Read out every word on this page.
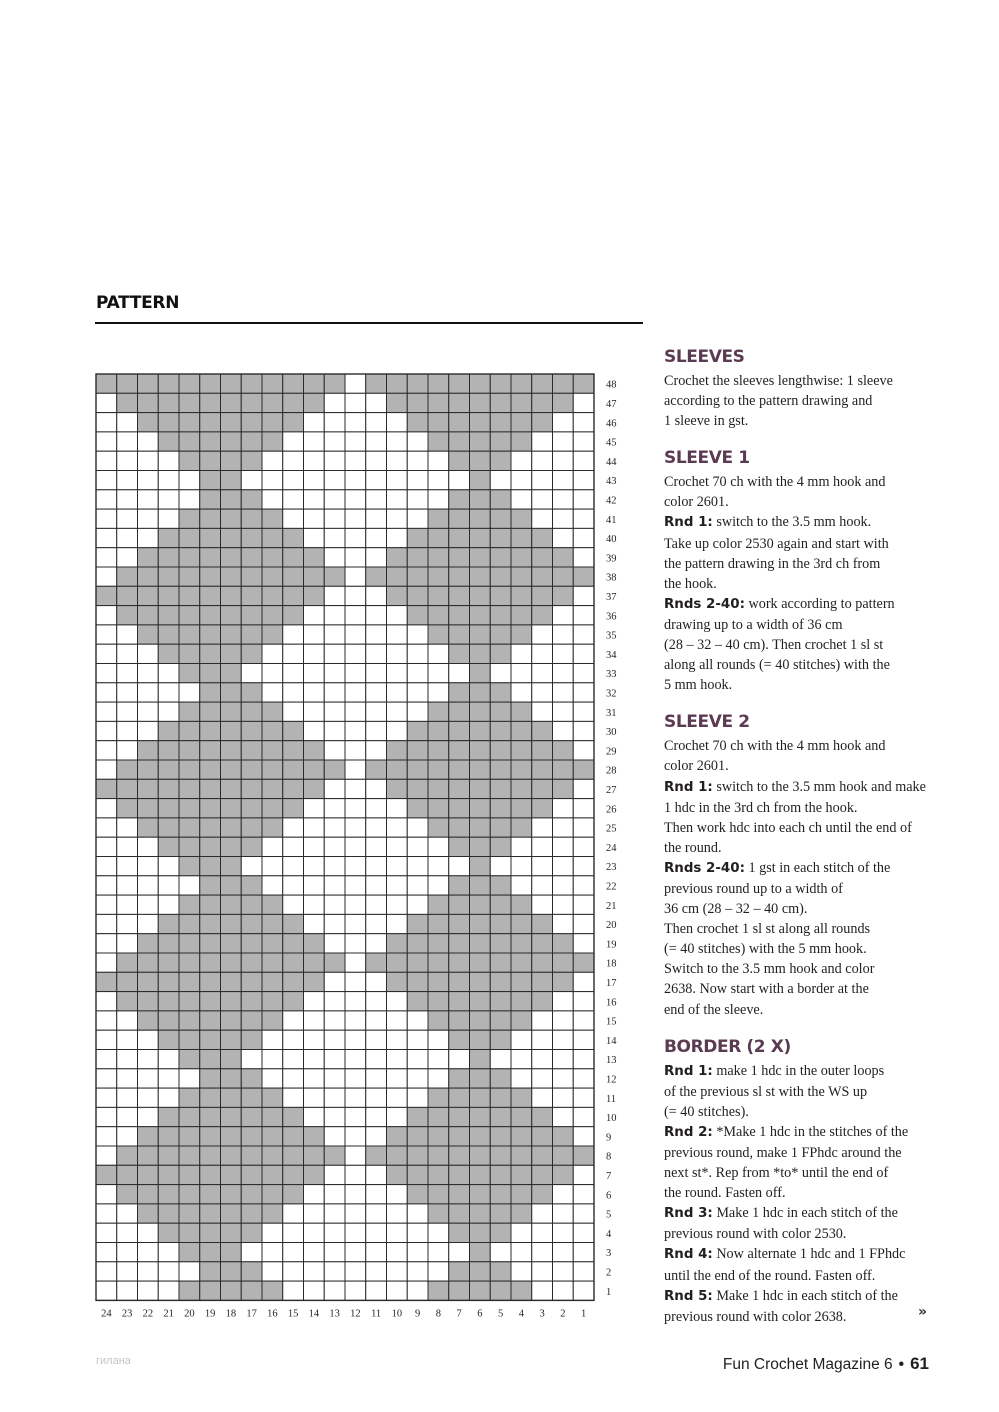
PATTERN
48
47
46
45
44
43
42
41
40
39
38
37
36
35
34
33
32
31
30
29
28
27
26
25
24
23
22
21
20
19
18
17
16
15
14
13
12
11
10
9
8
7
6
5
4
3
2
1
24 23 22 21 20 19 18 17 16 15 14 13 12 11 10 9 8 7 6 5 4 3 2 1
SLEEVES

Crochet the sleeves lengthwise: 1 sleeve

according to the pattern drawing and

1 sleeve in gst.

SLEEVE 1

Crochet 70 ch with the 4 mm hook and

color 2601.

Rnd 1: switch to the 3.5 mm hook.

Take up color 2530 again and start with

the pattern drawing in the 3rd ch from

the hook.

Rnds 2-40: work according to pattern

drawing up to a width of 36 cm

(28 – 32 – 40 cm). Then crochet 1 sl st

along all rounds (= 40 stitches) with the

5 mm hook.

SLEEVE 2

Crochet 70 ch with the 4 mm hook and

color 2601.

Rnd 1: switch to the 3.5 mm hook and make

1 hdc in the 3rd ch from the hook.

Then work hdc into each ch until the end of

the round.

Rnds 2-40: 1 gst in each stitch of the

previous round up to a width of

36 cm (28 – 32 – 40 cm).

Then crochet 1 sl st along all rounds

(= 40 stitches) with the 5 mm hook.

Switch to the 3.5 mm hook and color

2638. Now start with a border at the

end of the sleeve.

BORDER (2 X)

Rnd 1: make 1 hdc in the outer loops

of the previous sl st with the WS up

(= 40 stitches).

Rnd 2: *Make 1 hdc in the stitches of the

previous round, make 1 FPhdc around the

next st*. Rep from *to* until the end of

the round. Fasten off.

Rnd 3: Make 1 hdc in each stitch of the

previous round with color 2530.

Rnd 4: Now alternate 1 hdc and 1 FPhdc

until the end of the round. Fasten off.

Rnd 5: Make 1 hdc in each stitch of the

previous round with color 2638.	»
гилана	Fun Crochet Magazine 6 • 61
